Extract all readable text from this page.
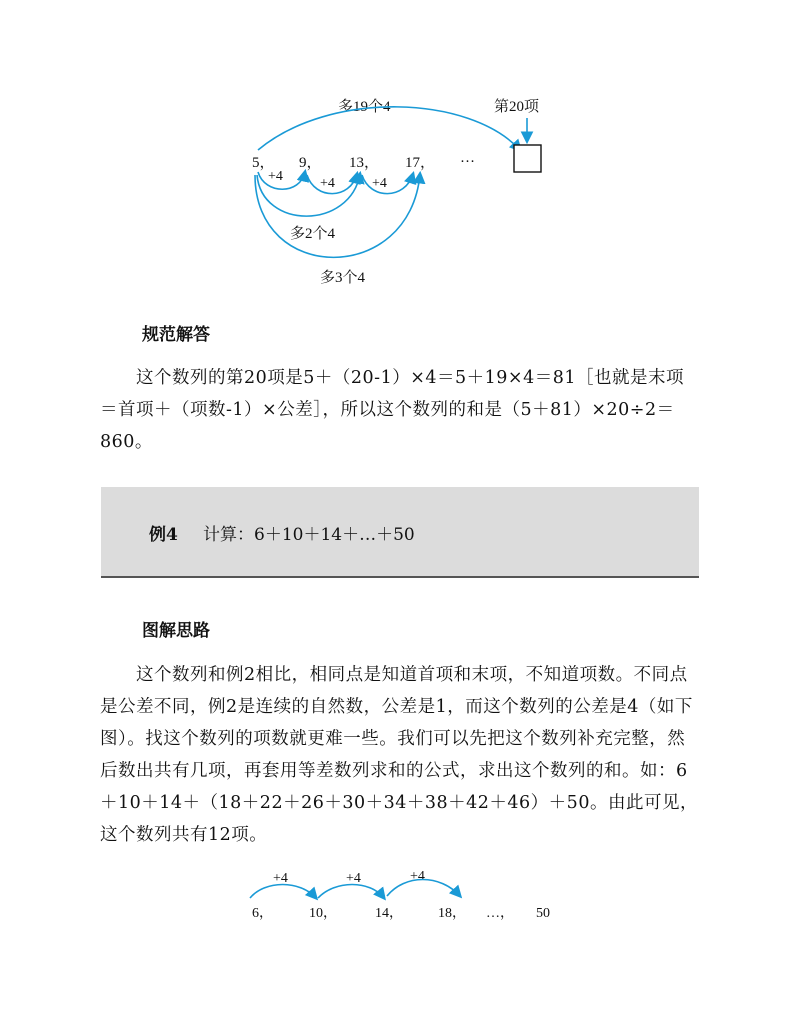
多19个4	第20项
5， 9， 13， 17， …
+4	+4	+4
多2个4
多3个4
规范解答

这个数列的第20项是5＋（20-1）×4＝5＋19×4＝81［也就是末项＝首项＋（项数-1）×公差］，所以这个数列的和是（5＋81）×20÷2＝860。

例4 计算：6＋10＋14＋…＋50
图解思路

这个数列和例2相比，相同点是知道首项和末项，不知道项数。不同点是公差不同，例2是连续的自然数，公差是1，而这个数列的公差是4（如下图）。找这个数列的项数就更难一些。我们可以先把这个数列补充完整，然后数出共有几项，再套用等差数列求和的公式，求出这个数列的和。如：6＋10＋14＋（18＋22＋26＋30＋34＋38＋42＋46）＋50。由此可见，这个数列共有12项。

+4	+4	+4
6，	10，	14，	18， …， 50
